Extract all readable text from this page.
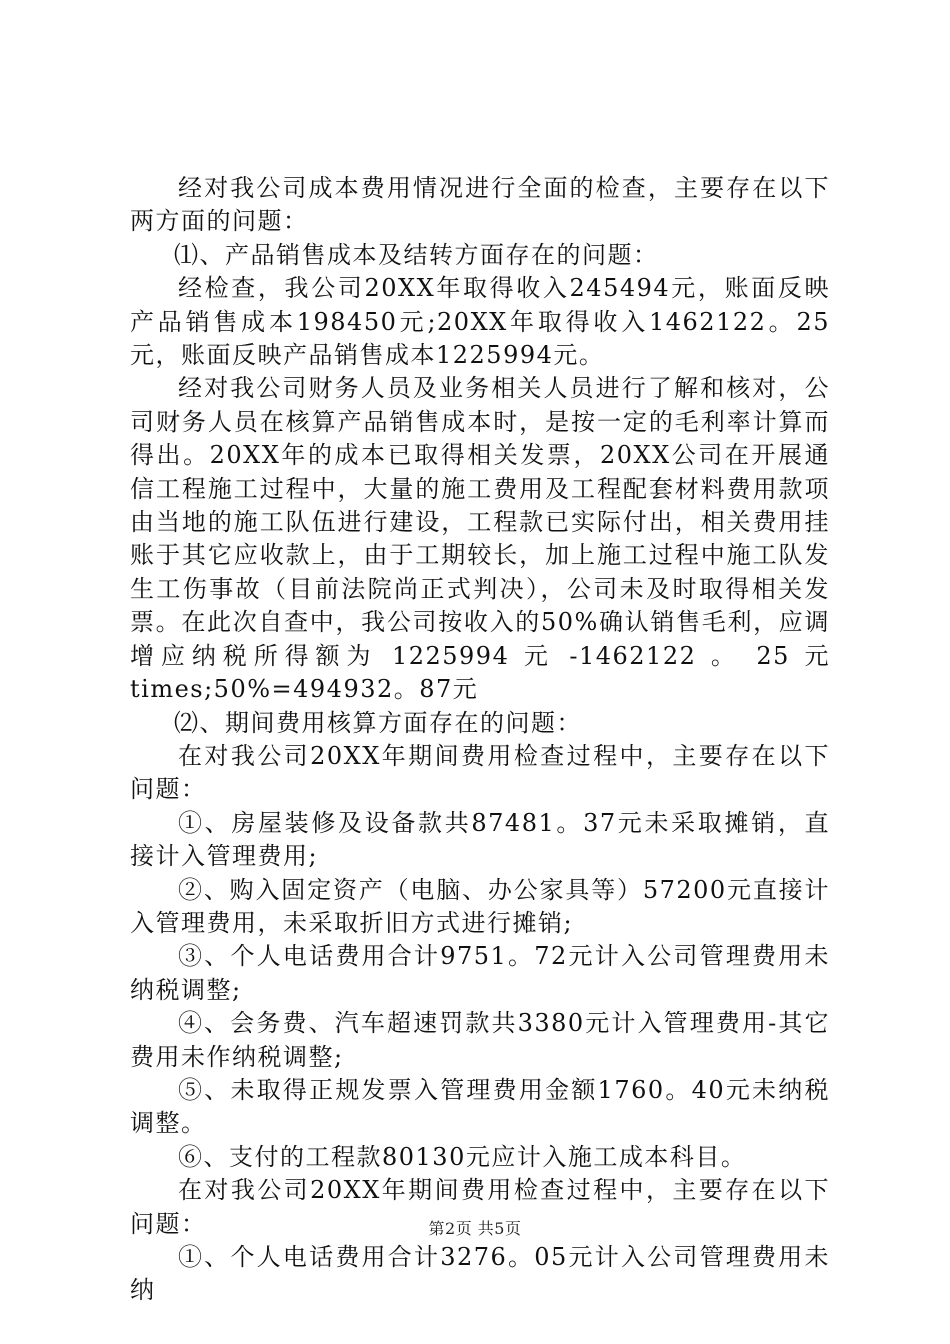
经对我公司成本费用情况进行全面的检查，主要存在以下两方面的问题：

⑴、产品销售成本及结转方面存在的问题：

经检查，我公司20XX年取得收入245494元，账面反映产品销售成本198450元;20XX年取得收入1462122。25元，账面反映产品销售成本1225994元。

经对我公司财务人员及业务相关人员进行了解和核对，公司财务人员在核算产品销售成本时，是按一定的毛利率计算而得出。20XX年的成本已取得相关发票，20XX公司在开展通信工程施工过程中，大量的施工费用及工程配套材料费用款项由当地的施工队伍进行建设，工程款已实际付出，相关费用挂账于其它应收款上，由于工期较长，加上施工过程中施工队发生工伤事故（目前法院尚正式判决），公司未及时取得相关发票。在此次自查中，我公司按收入的50%确认销售毛利，应调增应纳税所得额为 1225994 元 -1462122 。 25 元

times;50%=494932。87元

⑵、期间费用核算方面存在的问题：

在对我公司20XX年期间费用检查过程中，主要存在以下问题：

①、房屋装修及设备款共87481。37元未采取摊销，直接计入管理费用;

②、购入固定资产（电脑、办公家具等）57200元直接计入管理费用，未采取折旧方式进行摊销;

③、个人电话费用合计9751。72元计入公司管理费用未纳税调整;

④、会务费、汽车超速罚款共3380元计入管理费用-其它费用未作纳税调整;

⑤、未取得正规发票入管理费用金额1760。40元未纳税调整。

⑥、支付的工程款80130元应计入施工成本科目。

在对我公司20XX年期间费用检查过程中，主要存在以下问题：

①、个人电话费用合计3276。05元计入公司管理费用未纳

第2页 共5页
